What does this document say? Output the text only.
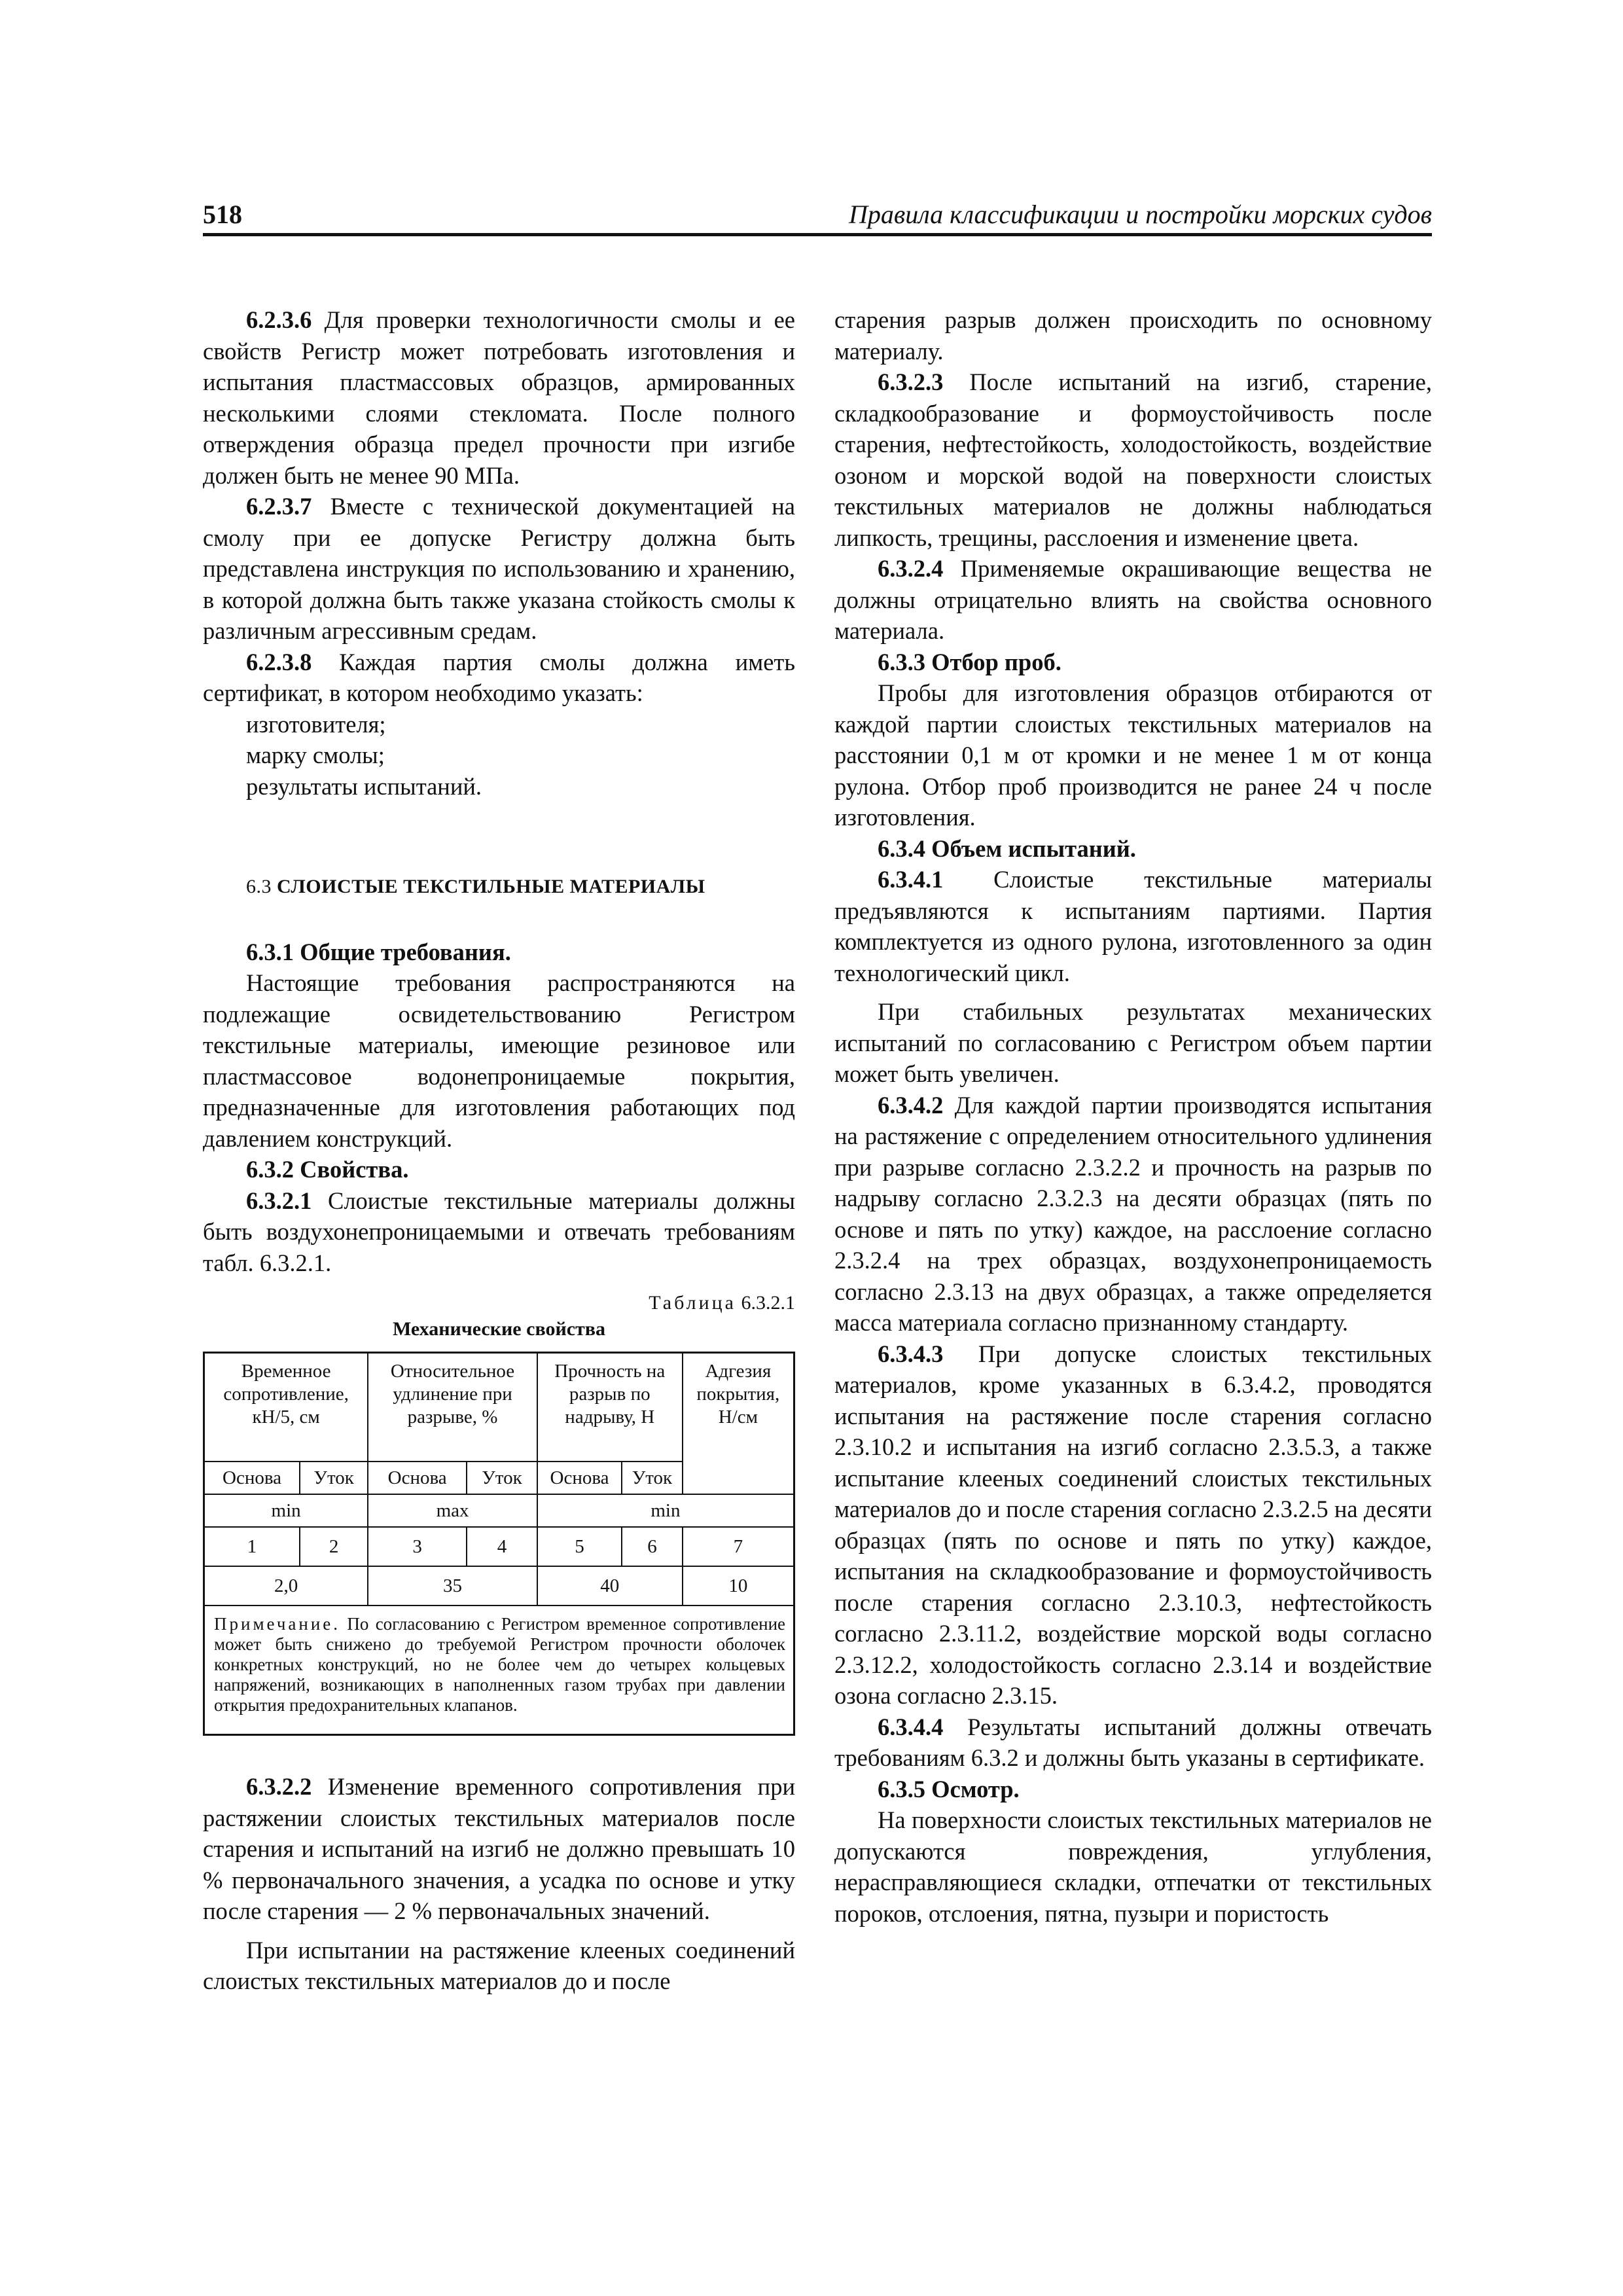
518	Правила классификации и постройки морских судов

6.2.3.6 Для проверки технологичности смолы и ее свойств Регистр может потребовать изготовления и испытания пластмассовых образцов, армированных несколькими слоями стекломата. После полного отверждения образца предел прочности при изгибе должен быть не менее 90 МПа.

6.2.3.7 Вместе с технической документацией на смолу при ее допуске Регистру должна быть представлена инструкция по использованию и хранению, в которой должна быть также указана стойкость смолы к различным агрессивным средам.

6.2.3.8 Каждая партия смолы должна иметь сертификат, в котором необходимо указать:

изготовителя;
марку смолы;
результаты испытаний.

6.3 СЛОИСТЫЕ ТЕКСТИЛЬНЫЕ МАТЕРИАЛЫ

6.3.1 Общие требования.

Настоящие требования распространяются на подлежащие освидетельствованию Регистром текстильные материалы, имеющие резиновое или пластмассовое водонепроницаемые покрытия, предназначенные для изготовления работающих под давлением конструкций.

6.3.2 Свойства.

6.3.2.1 Слоистые текстильные материалы должны быть воздухонепроницаемыми и отвечать требованиям табл. 6.3.2.1.

Таблица 6.3.2.1
Механические свойства
Временное сопротивление, кН/5, см		Относительное удлинение при разрыве, %		Прочность на разрыв по надрыву, Н		Адгезия покрытия, Н/см
Основа	Уток	Основа	Уток	Основа	Уток	
min		max		min		
1	2	3	4	5	6	7
2,0		35		40		10
Примечание. По согласованию с Регистром временное сопротивление может быть снижено до требуемой Регистром прочности оболочек конкретных конструкций, но не более чем до четырех кольцевых напряжений, возникающих в наполненных газом трубах при давлении открытия предохранительных клапанов.						

6.3.2.2 Изменение временного сопротивления при растяжении слоистых текстильных материалов после старения и испытаний на изгиб не должно превышать 10 % первоначального значения, а усадка по основе и утку после старения — 2 % первоначальных значений.

При испытании на растяжение клееных соединений слоистых текстильных материалов до и после

старения разрыв должен происходить по основному материалу.

6.3.2.3 После испытаний на изгиб, старение, складкообразование и формоустойчивость после старения, нефтестойкость, холодостойкость, воздействие озоном и морской водой на поверхности слоистых текстильных материалов не должны наблюдаться липкость, трещины, расслоения и изменение цвета.

6.3.2.4 Применяемые окрашивающие вещества не должны отрицательно влиять на свойства основного материала.

6.3.3 Отбор проб.

Пробы для изготовления образцов отбираются от каждой партии слоистых текстильных материалов на расстоянии 0,1 м от кромки и не менее 1 м от конца рулона. Отбор проб производится не ранее 24 ч после изготовления.

6.3.4 Объем испытаний.

6.3.4.1 Слоистые текстильные материалы предъявляются к испытаниям партиями. Партия комплектуется из одного рулона, изготовленного за один технологический цикл.

При стабильных результатах механических испытаний по согласованию с Регистром объем партии может быть увеличен.

6.3.4.2 Для каждой партии производятся испытания на растяжение с определением относительного удлинения при разрыве согласно 2.3.2.2 и прочность на разрыв по надрыву согласно 2.3.2.3 на десяти образцах (пять по основе и пять по утку) каждое, на расслоение согласно 2.3.2.4 на трех образцах, воздухонепроницаемость согласно 2.3.13 на двух образцах, а также определяется масса материала согласно признанному стандарту.

6.3.4.3 При допуске слоистых текстильных материалов, кроме указанных в 6.3.4.2, проводятся испытания на растяжение после старения согласно 2.3.10.2 и испытания на изгиб согласно 2.3.5.3, а также испытание клееных соединений слоистых текстильных материалов до и после старения согласно 2.3.2.5 на десяти образцах (пять по основе и пять по утку) каждое, испытания на складкообразование и формоустойчивость после старения согласно 2.3.10.3, нефтестойкость согласно 2.3.11.2, воздействие морской воды согласно 2.3.12.2, холодостойкость согласно 2.3.14 и воздействие озона согласно 2.3.15.

6.3.4.4 Результаты испытаний должны отвечать требованиям 6.3.2 и должны быть указаны в сертификате.

6.3.5 Осмотр.

На поверхности слоистых текстильных материалов не допускаются повреждения, углубления, нерасправляющиеся складки, отпечатки от текстильных пороков, отслоения, пятна, пузыри и пористость
